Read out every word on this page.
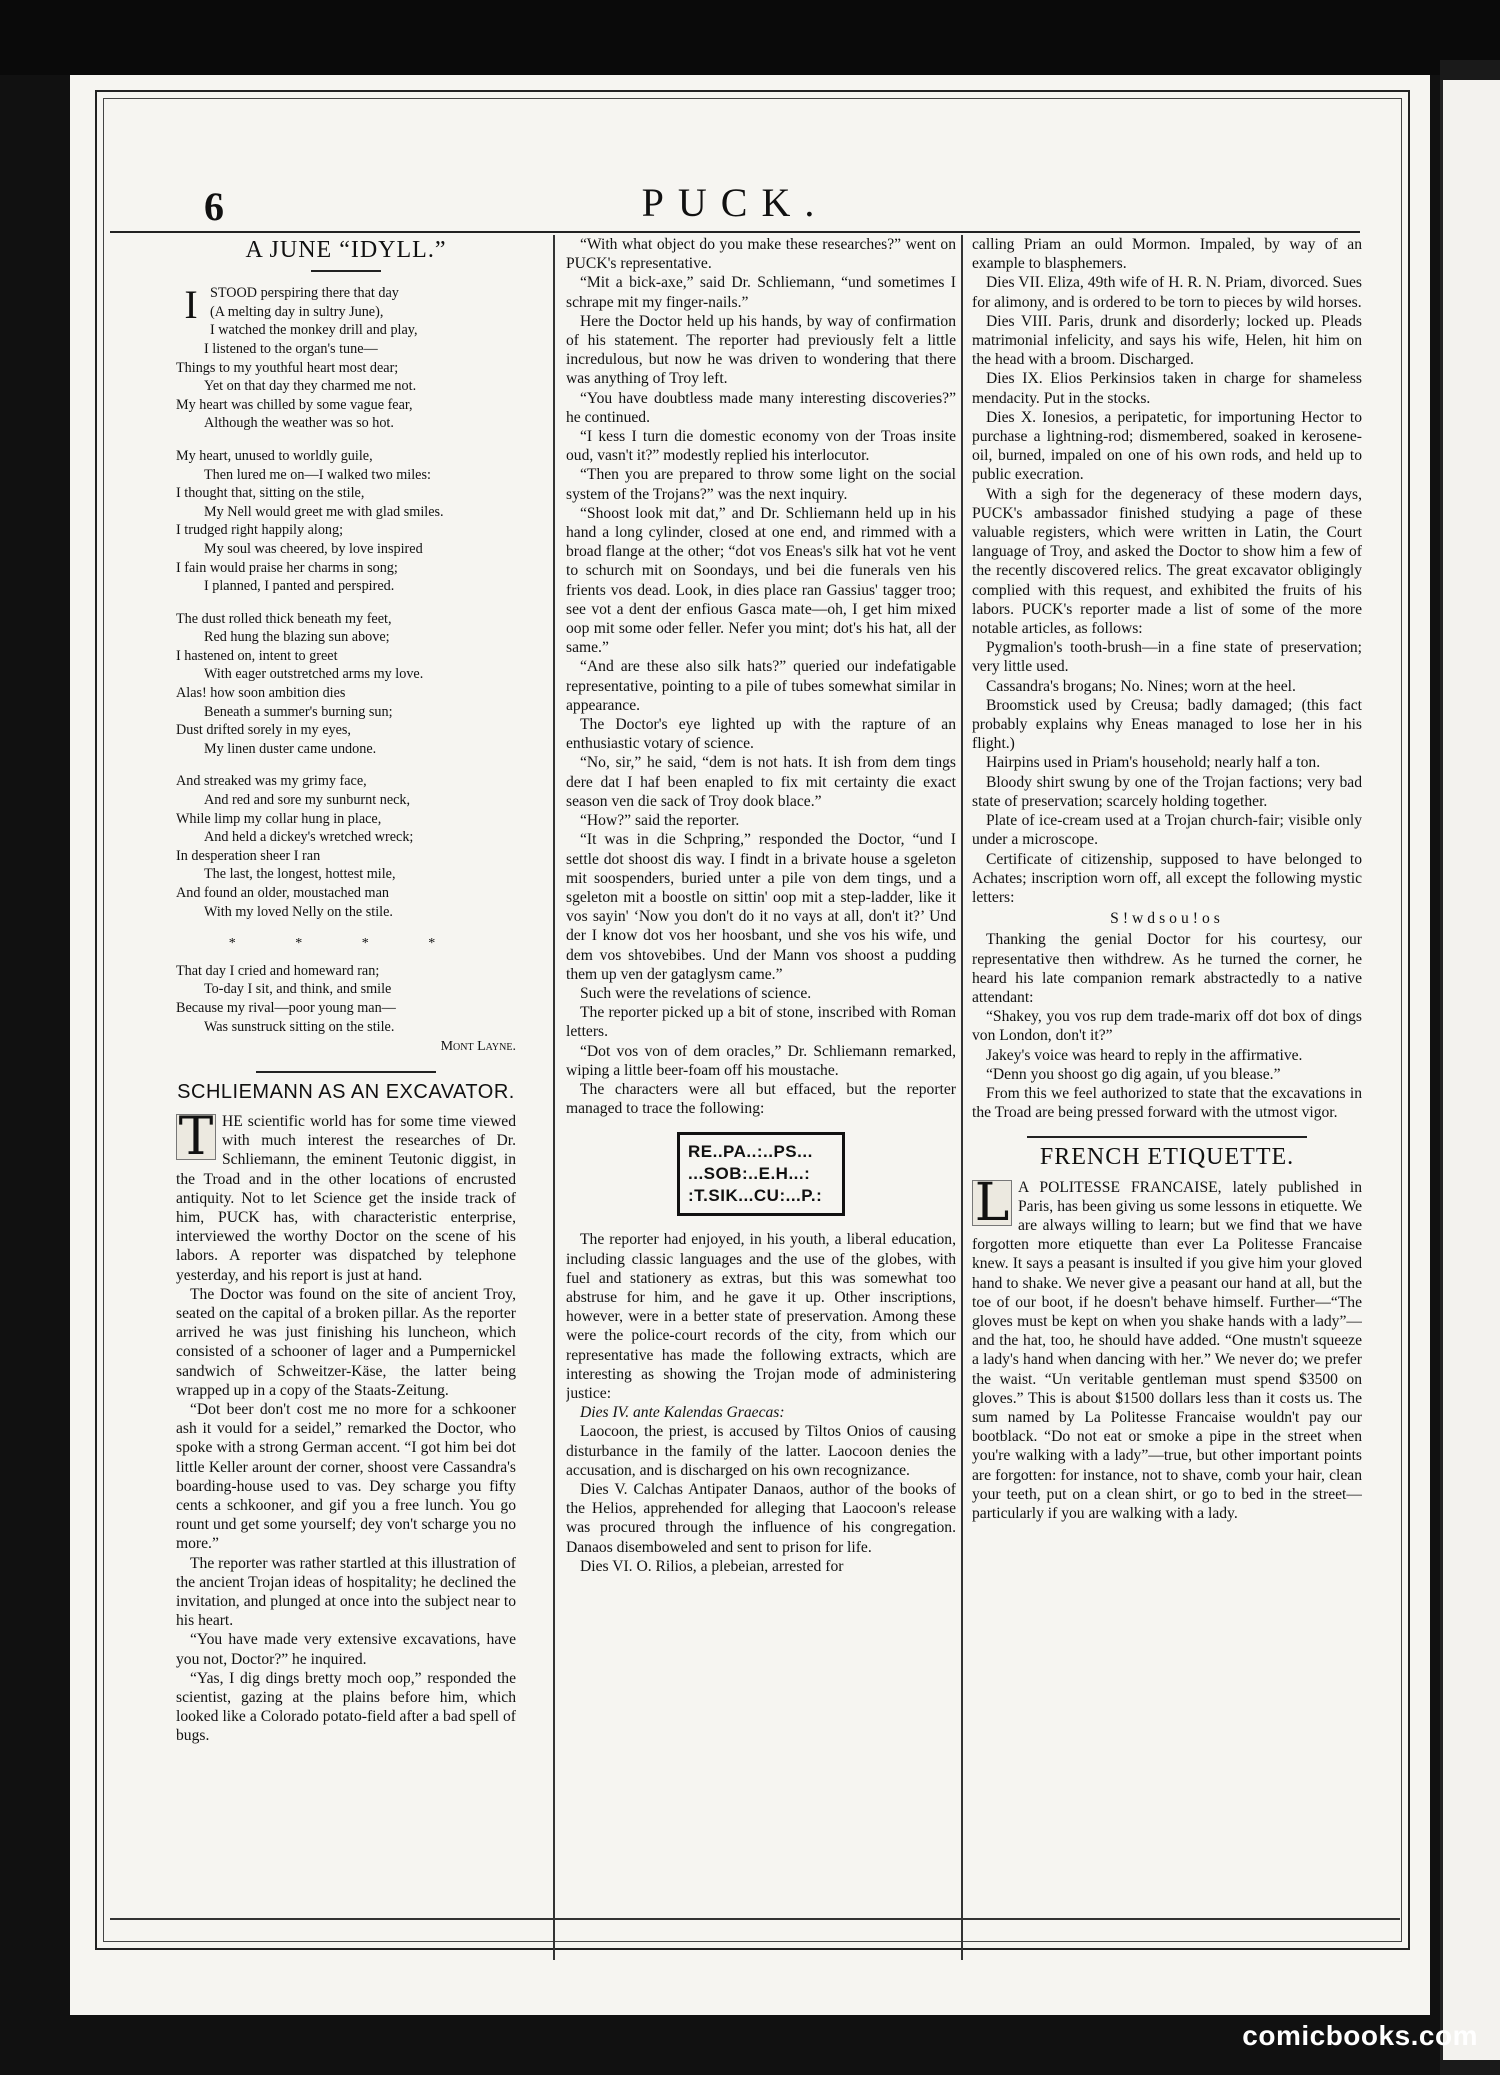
6	PUCK.
A JUNE “IDYLL.”
ISTOOD perspiring there that day
(A melting day in sultry June),
I watched the monkey drill and play,
I listened to the organ's tune—
Things to my youthful heart most dear;
Yet on that day they charmed me not.
My heart was chilled by some vague fear,
Although the weather was so hot.
My heart, unused to worldly guile,
Then lured me on—I walked two miles:
I thought that, sitting on the stile,
My Nell would greet me with glad smiles.
I trudged right happily along;
My soul was cheered, by love inspired
I fain would praise her charms in song;
I planned, I panted and perspired.
The dust rolled thick beneath my feet,
Red hung the blazing sun above;
I hastened on, intent to greet
With eager outstretched arms my love.
Alas! how soon ambition dies
Beneath a summer's burning sun;
Dust drifted sorely in my eyes,
My linen duster came undone.
And streaked was my grimy face,
And red and sore my sunburnt neck,
While limp my collar hung in place,
And held a dickey's wretched wreck;
In desperation sheer I ran
The last, the longest, hottest mile,
And found an older, moustached man
With my loved Nelly on the stile.
* * * *
That day I cried and homeward ran;
To-day I sit, and think, and smile
Because my rival—poor young man—
Was sunstruck sitting on the stile.
Mont Layne.
SCHLIEMANN AS AN EXCAVATOR.

T HE scientific world has for some time viewed with much interest the researches of Dr. Schliemann, the eminent Teutonic diggist, in the Troad and in the other locations of encrusted antiquity. Not to let Science get the inside track of him, PUCK has, with characteristic enterprise, interviewed the worthy Doctor on the scene of his labors. A reporter was dispatched by telephone yesterday, and his report is just at hand.

The Doctor was found on the site of ancient Troy, seated on the capital of a broken pillar. As the reporter arrived he was just finishing his luncheon, which consisted of a schooner of lager and a Pumpernickel sandwich of Schweitzer-Käse, the latter being wrapped up in a copy of the Staats-Zeitung.

“Dot beer don't cost me no more for a schkooner ash it vould for a seidel,” remarked the Doctor, who spoke with a strong German accent. “I got him bei dot little Keller arount der corner, shoost vere Cassandra's boarding-house used to vas. Dey scharge you fifty cents a schkooner, and gif you a free lunch. You go rount und get some yourself; dey von't scharge you no more.”

The reporter was rather startled at this illustration of the ancient Trojan ideas of hospitality; he declined the invitation, and plunged at once into the subject near to his heart.

“You have made very extensive excavations, have you not, Doctor?” he inquired.

“Yas, I dig dings bretty moch oop,” responded the scientist, gazing at the plains before him, which looked like a Colorado potato-field after a bad spell of bugs.

“With what object do you make these researches?” went on PUCK's representative.

“Mit a bick-axe,” said Dr. Schliemann, “und sometimes I schrape mit my finger-nails.”

Here the Doctor held up his hands, by way of confirmation of his statement. The reporter had previously felt a little incredulous, but now he was driven to wondering that there was anything of Troy left.

“You have doubtless made many interesting discoveries?” he continued.

“I kess I turn die domestic economy von der Troas insite oud, vasn't it?” modestly replied his interlocutor.

“Then you are prepared to throw some light on the social system of the Trojans?” was the next inquiry.

“Shoost look mit dat,” and Dr. Schliemann held up in his hand a long cylinder, closed at one end, and rimmed with a broad flange at the other; “dot vos Eneas's silk hat vot he vent to schurch mit on Soondays, und bei die funerals ven his frients vos dead. Look, in dies place ran Gassius' tagger troo; see vot a dent der enfious Gasca mate—oh, I get him mixed oop mit some oder feller. Nefer you mint; dot's his hat, all der same.”

“And are these also silk hats?” queried our indefatigable representative, pointing to a pile of tubes somewhat similar in appearance.

The Doctor's eye lighted up with the rapture of an enthusiastic votary of science.

“No, sir,” he said, “dem is not hats. It ish from dem tings dere dat I haf been enapled to fix mit certainty die exact season ven die sack of Troy dook blace.”

“How?” said the reporter.

“It was in die Schpring,” responded the Doctor, “und I settle dot shoost dis way. I findt in a brivate house a sgeleton mit soospenders, buried unter a pile von dem tings, und a sgeleton mit a boostle on sittin' oop mit a step-ladder, like it vos sayin' ‘Now you don't do it no vays at all, don't it?’ Und der I know dot vos her hoosbant, und she vos his wife, und dem vos shtovebibes. Und der Mann vos shoost a pudding them up ven der gataglysm came.”

Such were the revelations of science.

The reporter picked up a bit of stone, inscribed with Roman letters.

“Dot vos von of dem oracles,” Dr. Schliemann remarked, wiping a little beer-foam off his moustache.

The characters were all but effaced, but the reporter managed to trace the following:

RE..PA..:..PS...
...SOB:..E.H...:
:T.SIK...CU:...P.:

The reporter had enjoyed, in his youth, a liberal education, including classic languages and the use of the globes, with fuel and stationery as extras, but this was somewhat too abstruse for him, and he gave it up. Other inscriptions, however, were in a better state of preservation. Among these were the police-court records of the city, from which our representative has made the following extracts, which are interesting as showing the Trojan mode of administering justice:

Dies IV. ante Kalendas Graecas:

Laocoon, the priest, is accused by Tiltos Onios of causing disturbance in the family of the latter. Laocoon denies the accusation, and is discharged on his own recognizance.

Dies V. Calchas Antipater Danaos, author of the books of the Helios, apprehended for alleging that Laocoon's release was procured through the influence of his congregation. Danaos disemboweled and sent to prison for life.

Dies VI. O. Rilios, a plebeian, arrested for

calling Priam an ould Mormon. Impaled, by way of an example to blasphemers.

Dies VII. Eliza, 49th wife of H. R. N. Priam, divorced. Sues for alimony, and is ordered to be torn to pieces by wild horses.

Dies VIII. Paris, drunk and disorderly; locked up. Pleads matrimonial infelicity, and says his wife, Helen, hit him on the head with a broom. Discharged.

Dies IX. Elios Perkinsios taken in charge for shameless mendacity. Put in the stocks.

Dies X. Ionesios, a peripatetic, for importuning Hector to purchase a lightning-rod; dismembered, soaked in kerosene-oil, burned, impaled on one of his own rods, and held up to public execration.

With a sigh for the degeneracy of these modern days, PUCK's ambassador finished studying a page of these valuable registers, which were written in Latin, the Court language of Troy, and asked the Doctor to show him a few of the recently discovered relics. The great excavator obligingly complied with this request, and exhibited the fruits of his labors. PUCK's reporter made a list of some of the more notable articles, as follows:

Pygmalion's tooth-brush—in a fine state of preservation; very little used.

Cassandra's brogans; No. Nines; worn at the heel.

Broomstick used by Creusa; badly damaged; (this fact probably explains why Eneas managed to lose her in his flight.)

Hairpins used in Priam's household; nearly half a ton.

Bloody shirt swung by one of the Trojan factions; very bad state of preservation; scarcely holding together.

Plate of ice-cream used at a Trojan church-fair; visible only under a microscope.

Certificate of citizenship, supposed to have belonged to Achates; inscription worn off, all except the following mystic letters:

S!wdsou!os

Thanking the genial Doctor for his courtesy, our representative then withdrew. As he turned the corner, he heard his late companion remark abstractedly to a native attendant:

“Shakey, you vos rup dem trade-marix off dot box of dings von London, don't it?”

Jakey's voice was heard to reply in the affirmative.

“Denn you shoost go dig again, uf you blease.”

From this we feel authorized to state that the excavations in the Troad are being pressed forward with the utmost vigor.

FRENCH ETIQUETTE.

L A POLITESSE FRANCAISE, lately published in Paris, has been giving us some lessons in etiquette. We are always willing to learn; but we find that we have forgotten more etiquette than ever La Politesse Francaise knew. It says a peasant is insulted if you give him your gloved hand to shake. We never give a peasant our hand at all, but the toe of our boot, if he doesn't behave himself. Further—“The gloves must be kept on when you shake hands with a lady”—and the hat, too, he should have added. “One mustn't squeeze a lady's hand when dancing with her.” We never do; we prefer the waist. “Un veritable gentleman must spend $3500 on gloves.” This is about $1500 dollars less than it costs us. The sum named by La Politesse Francaise wouldn't pay our bootblack. “Do not eat or smoke a pipe in the street when you're walking with a lady”—true, but other important points are forgotten: for instance, not to shave, comb your hair, clean your teeth, put on a clean shirt, or go to bed in the street—particularly if you are walking with a lady.

comicbooks.com
